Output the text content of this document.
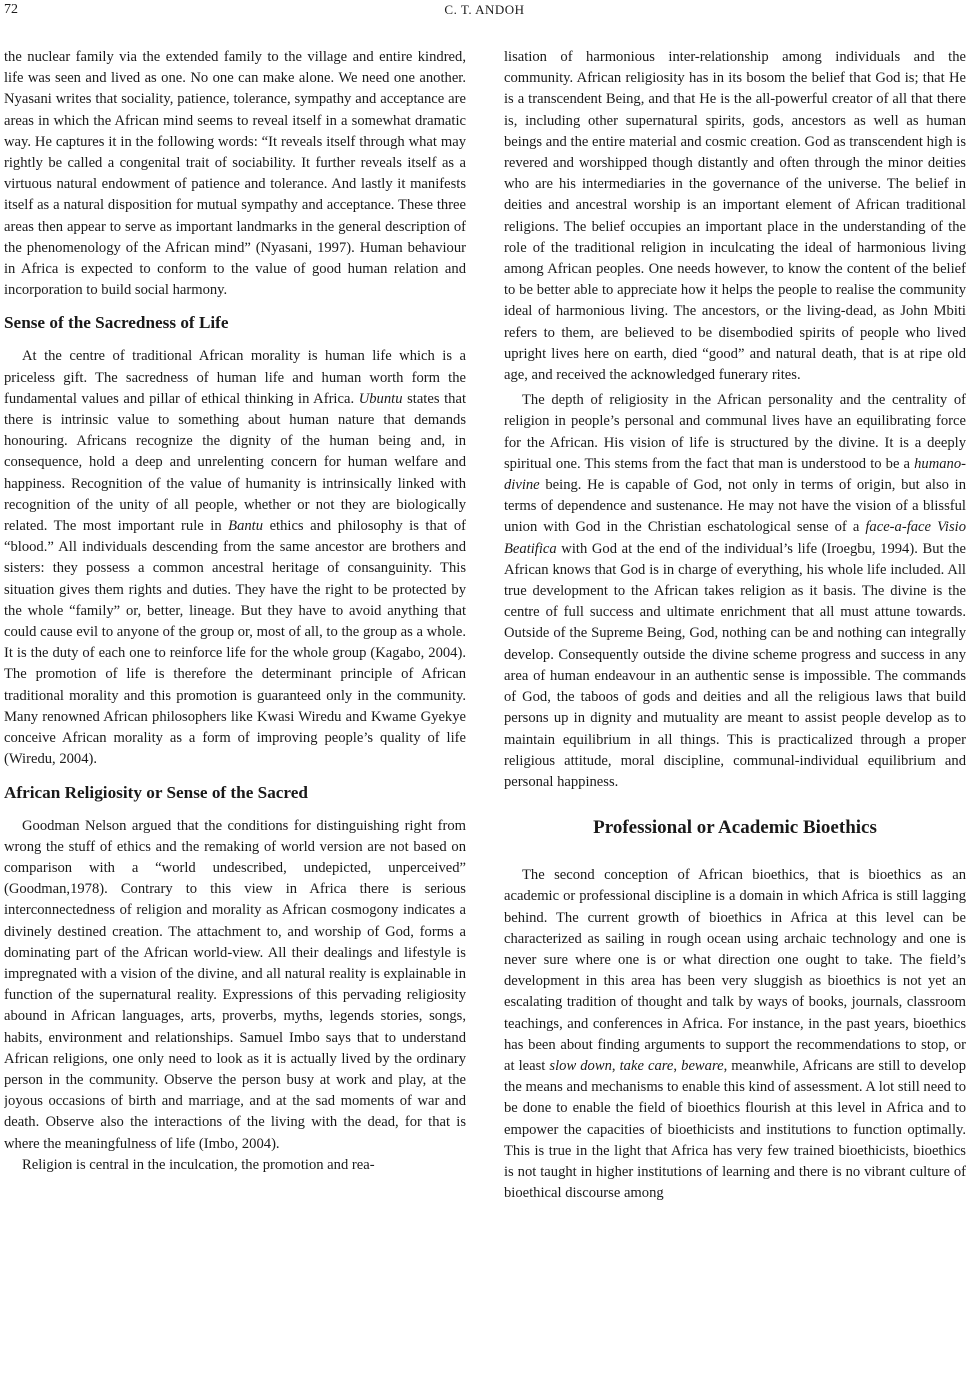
72	C. T. ANDOH

the nuclear family via the extended family to the village and entire kindred, life was seen and lived as one. No one can make alone. We need one another. Nyasani writes that sociality, patience, tolerance, sympathy and acceptance are areas in which the African mind seems to reveal itself in a somewhat dramatic way. He captures it in the following words: “It reveals itself through what may rightly be called a congenital trait of sociability. It further reveals itself as a virtuous natural endowment of patience and tolerance. And lastly it manifests itself as a natural disposition for mutual sympathy and acceptance. These three areas then appear to serve as important landmarks in the general description of the phenomenology of the African mind” (Nyasani, 1997). Human behaviour in Africa is expected to conform to the value of good human relation and incorporation to build social harmony.

Sense of the Sacredness of Life

At the centre of traditional African morality is human life which is a priceless gift. The sacredness of human life and human worth form the fundamental values and pillar of ethical thinking in Africa. Ubuntu states that there is intrinsic value to something about human nature that demands honouring. Africans recognize the dignity of the human being and, in consequence, hold a deep and unrelenting concern for human welfare and happiness. Recognition of the value of humanity is intrinsically linked with recognition of the unity of all people, whether or not they are biologically related. The most important rule in Bantu ethics and philosophy is that of “blood.” All individuals descending from the same ancestor are brothers and sisters: they possess a common ancestral heritage of consanguinity. This situation gives them rights and duties. They have the right to be protected by the whole “family” or, better, lineage. But they have to avoid anything that could cause evil to anyone of the group or, most of all, to the group as a whole. It is the duty of each one to reinforce life for the whole group (Kagabo, 2004). The promotion of life is therefore the determinant principle of African traditional morality and this promotion is guaranteed only in the community. Many renowned African philosophers like Kwasi Wiredu and Kwame Gyekye conceive African morality as a form of improving people’s quality of life (Wiredu, 2004).

African Religiosity or Sense of the Sacred

Goodman Nelson argued that the conditions for distinguishing right from wrong the stuff of ethics and the remaking of world version are not based on comparison with a “world undescribed, undepicted, unperceived” (Goodman,1978). Contrary to this view in Africa there is serious interconnectedness of religion and morality as African cosmogony indicates a divinely destined creation. The attachment to, and worship of God, forms a dominating part of the African world-view. All their dealings and lifestyle is impregnated with a vision of the divine, and all natural reality is explainable in function of the supernatural reality. Expressions of this pervading religiosity abound in African languages, arts, proverbs, myths, legends stories, songs, habits, environment and relationships. Samuel Imbo says that to understand African religions, one only need to look as it is actually lived by the ordinary person in the community. Observe the person busy at work and play, at the joyous occasions of birth and marriage, and at the sad moments of war and death. Observe also the interactions of the living with the dead, for that is where the meaningfulness of life (Imbo, 2004).

Religion is central in the inculcation, the promotion and rea-

lisation of harmonious inter-relationship among individuals and the community. African religiosity has in its bosom the belief that God is; that He is a transcendent Being, and that He is the all-powerful creator of all that there is, including other supernatural spirits, gods, ancestors as well as human beings and the entire material and cosmic creation. God as transcendent high is revered and worshipped though distantly and often through the minor deities who are his intermediaries in the governance of the universe. The belief in deities and ancestral worship is an important element of African traditional religions. The belief occupies an important place in the understanding of the role of the traditional religion in inculcating the ideal of harmonious living among African peoples. One needs however, to know the content of the belief to be better able to appreciate how it helps the people to realise the community ideal of harmonious living. The ancestors, or the living-dead, as John Mbiti refers to them, are believed to be disembodied spirits of people who lived upright lives here on earth, died “good” and natural death, that is at ripe old age, and received the acknowledged funerary rites.

The depth of religiosity in the African personality and the centrality of religion in people’s personal and communal lives have an equilibrating force for the African. His vision of life is structured by the divine. It is a deeply spiritual one. This stems from the fact that man is understood to be a humano-divine being. He is capable of God, not only in terms of origin, but also in terms of dependence and sustenance. He may not have the vision of a blissful union with God in the Christian eschatological sense of a face-a-face Visio Beatifica with God at the end of the individual’s life (Iroegbu, 1994). But the African knows that God is in charge of everything, his whole life included. All true development to the African takes religion as it basis. The divine is the centre of full success and ultimate enrichment that all must attune towards. Outside of the Supreme Being, God, nothing can be and nothing can integrally develop. Consequently outside the divine scheme progress and success in any area of human endeavour in an authentic sense is impossible. The commands of God, the taboos of gods and deities and all the religious laws that build persons up in dignity and mutuality are meant to assist people develop as to maintain equilibrium in all things. This is practicalized through a proper religious attitude, moral discipline, communal-individual equilibrium and personal happiness.

Professional or Academic Bioethics

The second conception of African bioethics, that is bioethics as an academic or professional discipline is a domain in which Africa is still lagging behind. The current growth of bioethics in Africa at this level can be characterized as sailing in rough ocean using archaic technology and one is never sure where one is or what direction one ought to take. The field’s development in this area has been very sluggish as bioethics is not yet an escalating tradition of thought and talk by ways of books, journals, classroom teachings, and conferences in Africa. For instance, in the past years, bioethics has been about finding arguments to support the recommendations to stop, or at least slow down, take care, beware, meanwhile, Africans are still to develop the means and mechanisms to enable this kind of assessment. A lot still need to be done to enable the field of bioethics flourish at this level in Africa and to empower the capacities of bioethicists and institutions to function optimally. This is true in the light that Africa has very few trained bioethicists, bioethics is not taught in higher institutions of learning and there is no vibrant culture of bioethical discourse among
